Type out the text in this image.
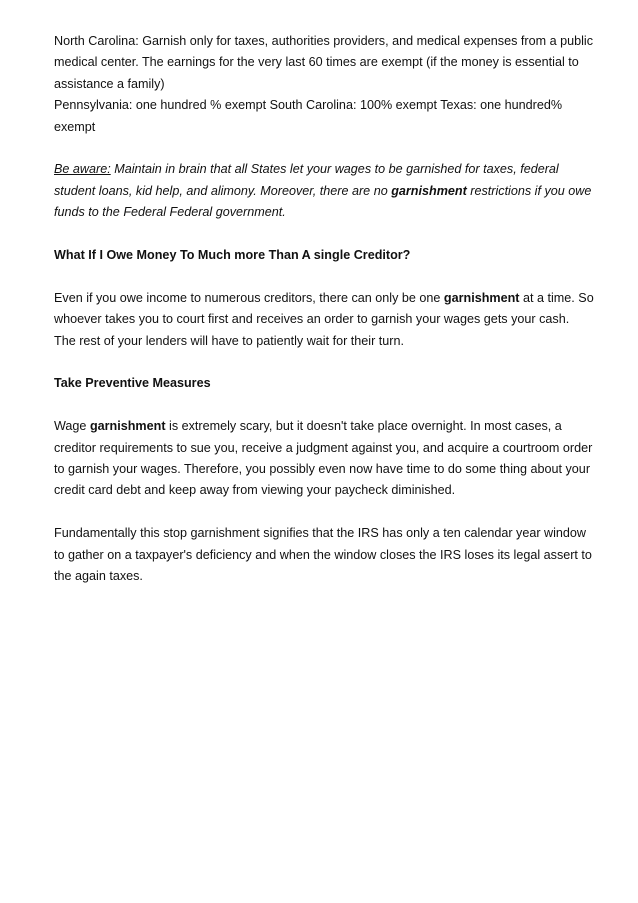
North Carolina: Garnish only for taxes, authorities providers, and medical expenses from a public medical center. The earnings for the very last 60 times are exempt (if the money is essential to assistance a family)

Pennsylvania: one hundred % exempt South Carolina: 100% exempt Texas: one hundred% exempt

Be aware: Maintain in brain that all States let your wages to be garnished for taxes, federal student loans, kid help, and alimony. Moreover, there are no garnishment restrictions if you owe funds to the Federal Federal government.

What If I Owe Money To Much more Than A single Creditor?

Even if you owe income to numerous creditors, there can only be one garnishment at a time. So whoever takes you to court first and receives an order to garnish your wages gets your cash. The rest of your lenders will have to patiently wait for their turn.

Take Preventive Measures

Wage garnishment is extremely scary, but it doesn't take place overnight. In most cases, a creditor requirements to sue you, receive a judgment against you, and acquire a courtroom order to garnish your wages. Therefore, you possibly even now have time to do some thing about your credit card debt and keep away from viewing your paycheck diminished.

Fundamentally this stop garnishment signifies that the IRS has only a ten calendar year window to gather on a taxpayer's deficiency and when the window closes the IRS loses its legal assert to the again taxes.
